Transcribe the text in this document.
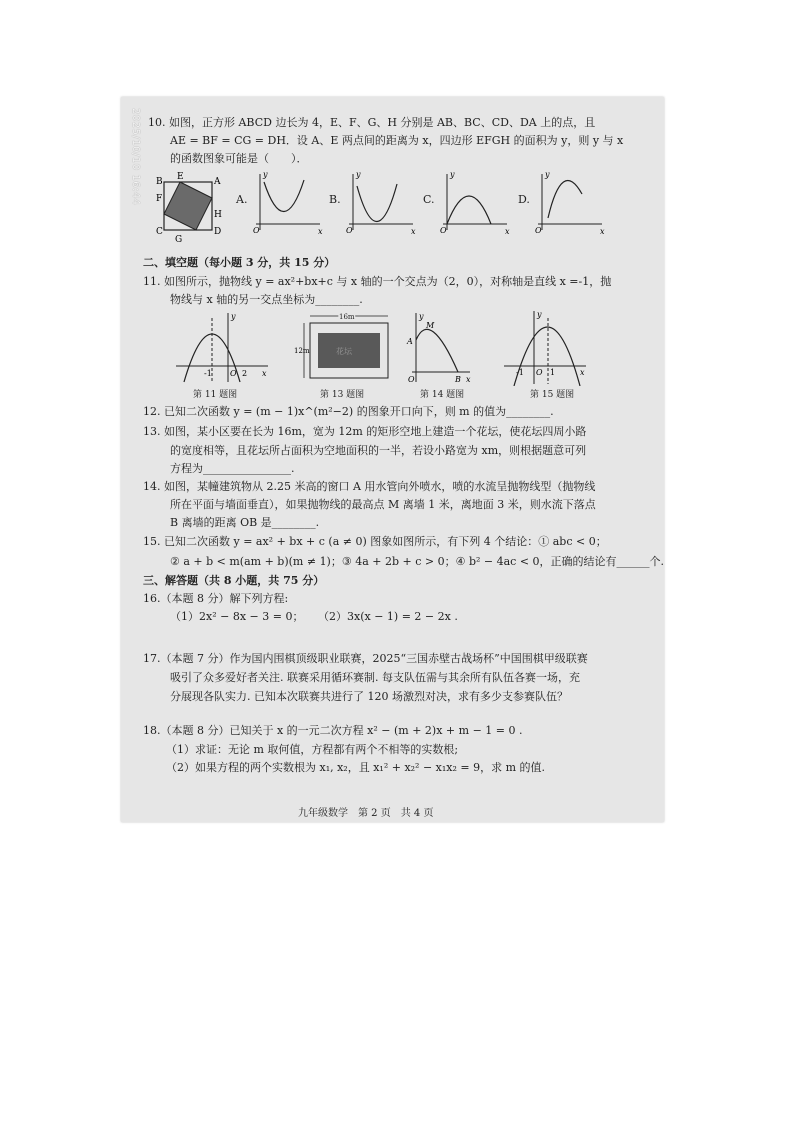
2025/10/10 16:44 10. 如图，正方形 ABCD 边长为 4，E、F、G、H 分别是 AB、BC、CD、DA 上的点，且
AE = BF = CG = DH．设 A、E 两点间的距离为 x，四边形 EFGH 的面积为 y，则 y 与 x
的函数图象可能是（　　）．
B E	A
F
H
C	D
G
A.
y
x
O
B.
y
x
O
C.
y
x
O
D.
y
x
O
二、填空题（每小题 3 分，共 15 分）
11. 如图所示，抛物线 y = ax²+bx+c 与 x 轴的一个交点为（2，0），对称轴是直线 x =-1，抛
物线与 x 轴的另一交点坐标为________.
y
x
-1 O 2
16m
花坛
12m
y
M
A
O	B x
y
-1 O 1	x
第 11 题图	第 13 题图	第 14 题图	第 15 题图
12. 已知二次函数 y = (m − 1)x^(m²−2) 的图象开口向下，则 m 的值为________.
13. 如图，某小区要在长为 16m，宽为 12m 的矩形空地上建造一个花坛，使花坛四周小路
的宽度相等，且花坛所占面积为空地面积的一半，若设小路宽为 xm，则根据题意可列
方程为________________.
14. 如图，某幢建筑物从 2.25 米高的窗口 A 用水管向外喷水，喷的水流呈抛物线型（抛物线
所在平面与墙面垂直），如果抛物线的最高点 M 离墙 1 米，离地面 3 米，则水流下落点
B 离墙的距离 OB 是________.
15. 已知二次函数 y = ax² + bx + c (a ≠ 0) 图象如图所示，有下列 4 个结论：① abc < 0；
② a + b < m(am + b)(m ≠ 1)；③ 4a + 2b + c > 0；④ b² − 4ac < 0，正确的结论有______个.
三、解答题（共 8 小题，共 75 分）
16.（本题 8 分）解下列方程:
（1）2x² − 8x − 3 = 0； （2）3x(x − 1) = 2 − 2x .
17.（本题 7 分）作为国内围棋顶级职业联赛，2025“三国赤壁古战场杯”中国围棋甲级联赛
吸引了众多爱好者关注. 联赛采用循环赛制. 每支队伍需与其余所有队伍各赛一场，充
分展现各队实力. 已知本次联赛共进行了 120 场激烈对决，求有多少支参赛队伍？
18.（本题 8 分）已知关于 x 的一元二次方程 x² − (m + 2)x + m − 1 = 0 .
（1）求证：无论 m 取何值，方程都有两个不相等的实数根;
（2）如果方程的两个实数根为 x₁, x₂，且 x₁² + x₂² − x₁x₂ = 9，求 m 的值.
九年级数学　第 2 页　共 4 页
